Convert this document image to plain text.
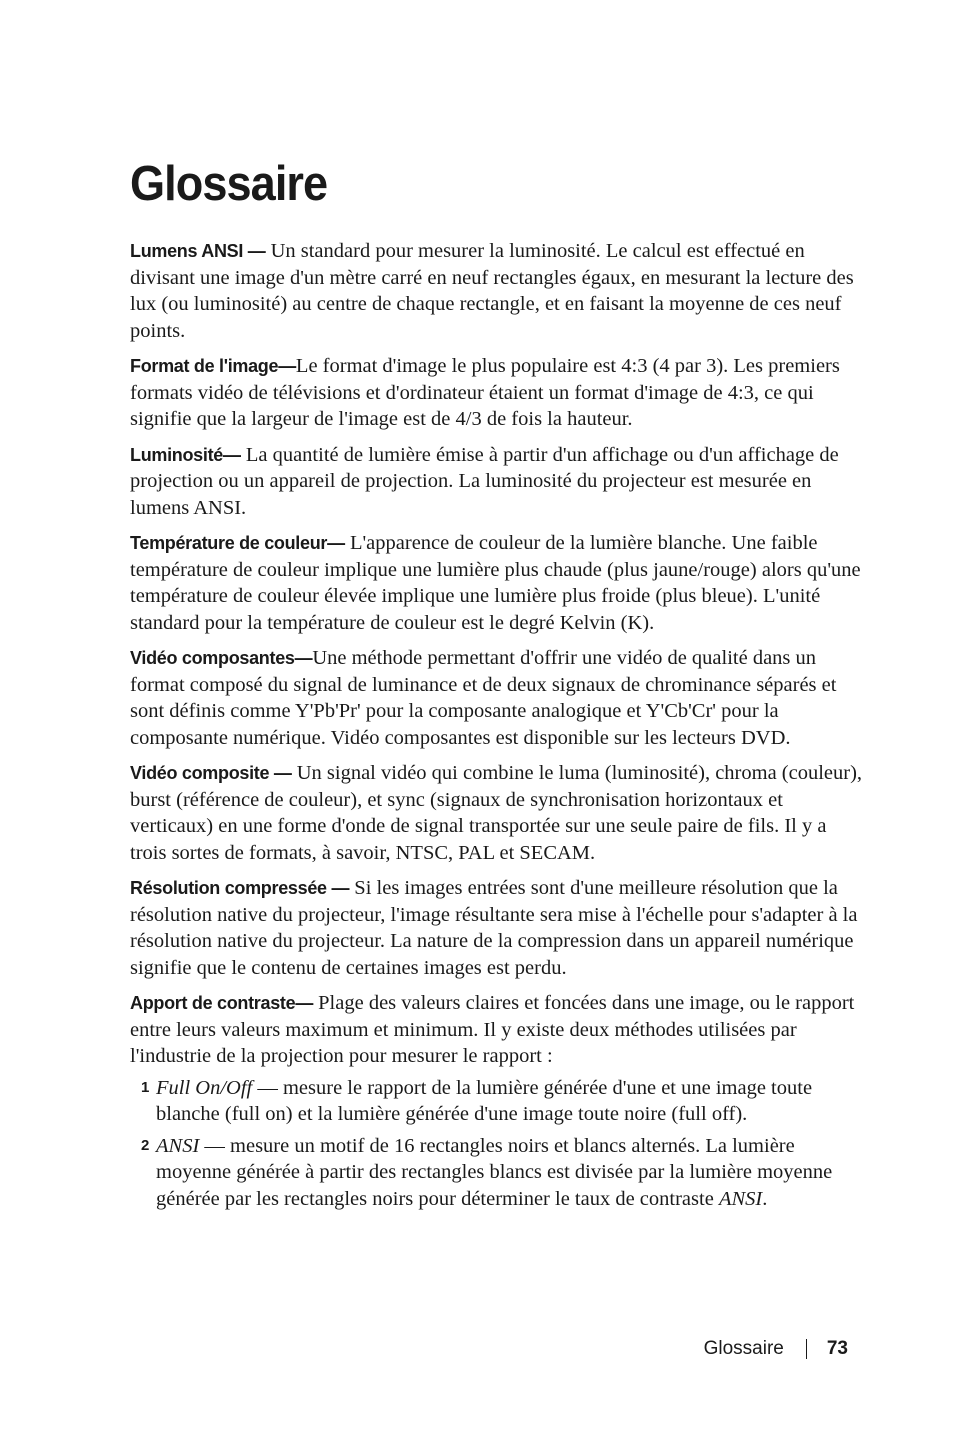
Glossaire

Lumens ANSI — Un standard pour mesurer la luminosité. Le calcul est effectué en divisant une image d'un mètre carré en neuf rectangles égaux, en mesurant la lecture des lux (ou luminosité) au centre de chaque rectangle, et en faisant la moyenne de ces neuf points.

Format de l'image—Le format d'image le plus populaire est 4:3 (4 par 3). Les premiers formats vidéo de télévisions et d'ordinateur étaient un format d'image de 4:3, ce qui signifie que la largeur de l'image est de 4/3 de fois la hauteur.

Luminosité— La quantité de lumière émise à partir d'un affichage ou d'un affichage de projection ou un appareil de projection. La luminosité du projecteur est mesurée en lumens ANSI.

Température de couleur— L'apparence de couleur de la lumière blanche. Une faible température de couleur implique une lumière plus chaude (plus jaune/rouge) alors qu'une température de couleur élevée implique une lumière plus froide (plus bleue). L'unité standard pour la température de couleur est le degré Kelvin (K).

Vidéo composantes—Une méthode permettant d'offrir une vidéo de qualité dans un format composé du signal de luminance et de deux signaux de chrominance séparés et sont définis comme Y'Pb'Pr' pour la composante analogique et Y'Cb'Cr' pour la composante numérique. Vidéo composantes est disponible sur les lecteurs DVD.

Vidéo composite — Un signal vidéo qui combine le luma (luminosité), chroma (couleur), burst (référence de couleur), et sync (signaux de synchronisation horizontaux et verticaux) en une forme d'onde de signal transportée sur une seule paire de fils. Il y a trois sortes de formats, à savoir, NTSC, PAL et SECAM.

Résolution compressée — Si les images entrées sont d'une meilleure résolution que la résolution native du projecteur, l'image résultante sera mise à l'échelle pour s'adapter à la résolution native du projecteur. La nature de la compression dans un appareil numérique signifie que le contenu de certaines images est perdu.

Apport de contraste— Plage des valeurs claires et foncées dans une image, ou le rapport entre leurs valeurs maximum et minimum. Il y existe deux méthodes utilisées par l'industrie de la projection pour mesurer le rapport :

1 Full On/Off — mesure le rapport de la lumière générée d'une et une image toute blanche (full on) et la lumière générée d'une image toute noire (full off).
2 ANSI — mesure un motif de 16 rectangles noirs et blancs alternés. La lumière moyenne générée à partir des rectangles blancs est divisée par la lumière moyenne générée par les rectangles noirs pour déterminer le taux de contraste ANSI.
Glossaire 73
